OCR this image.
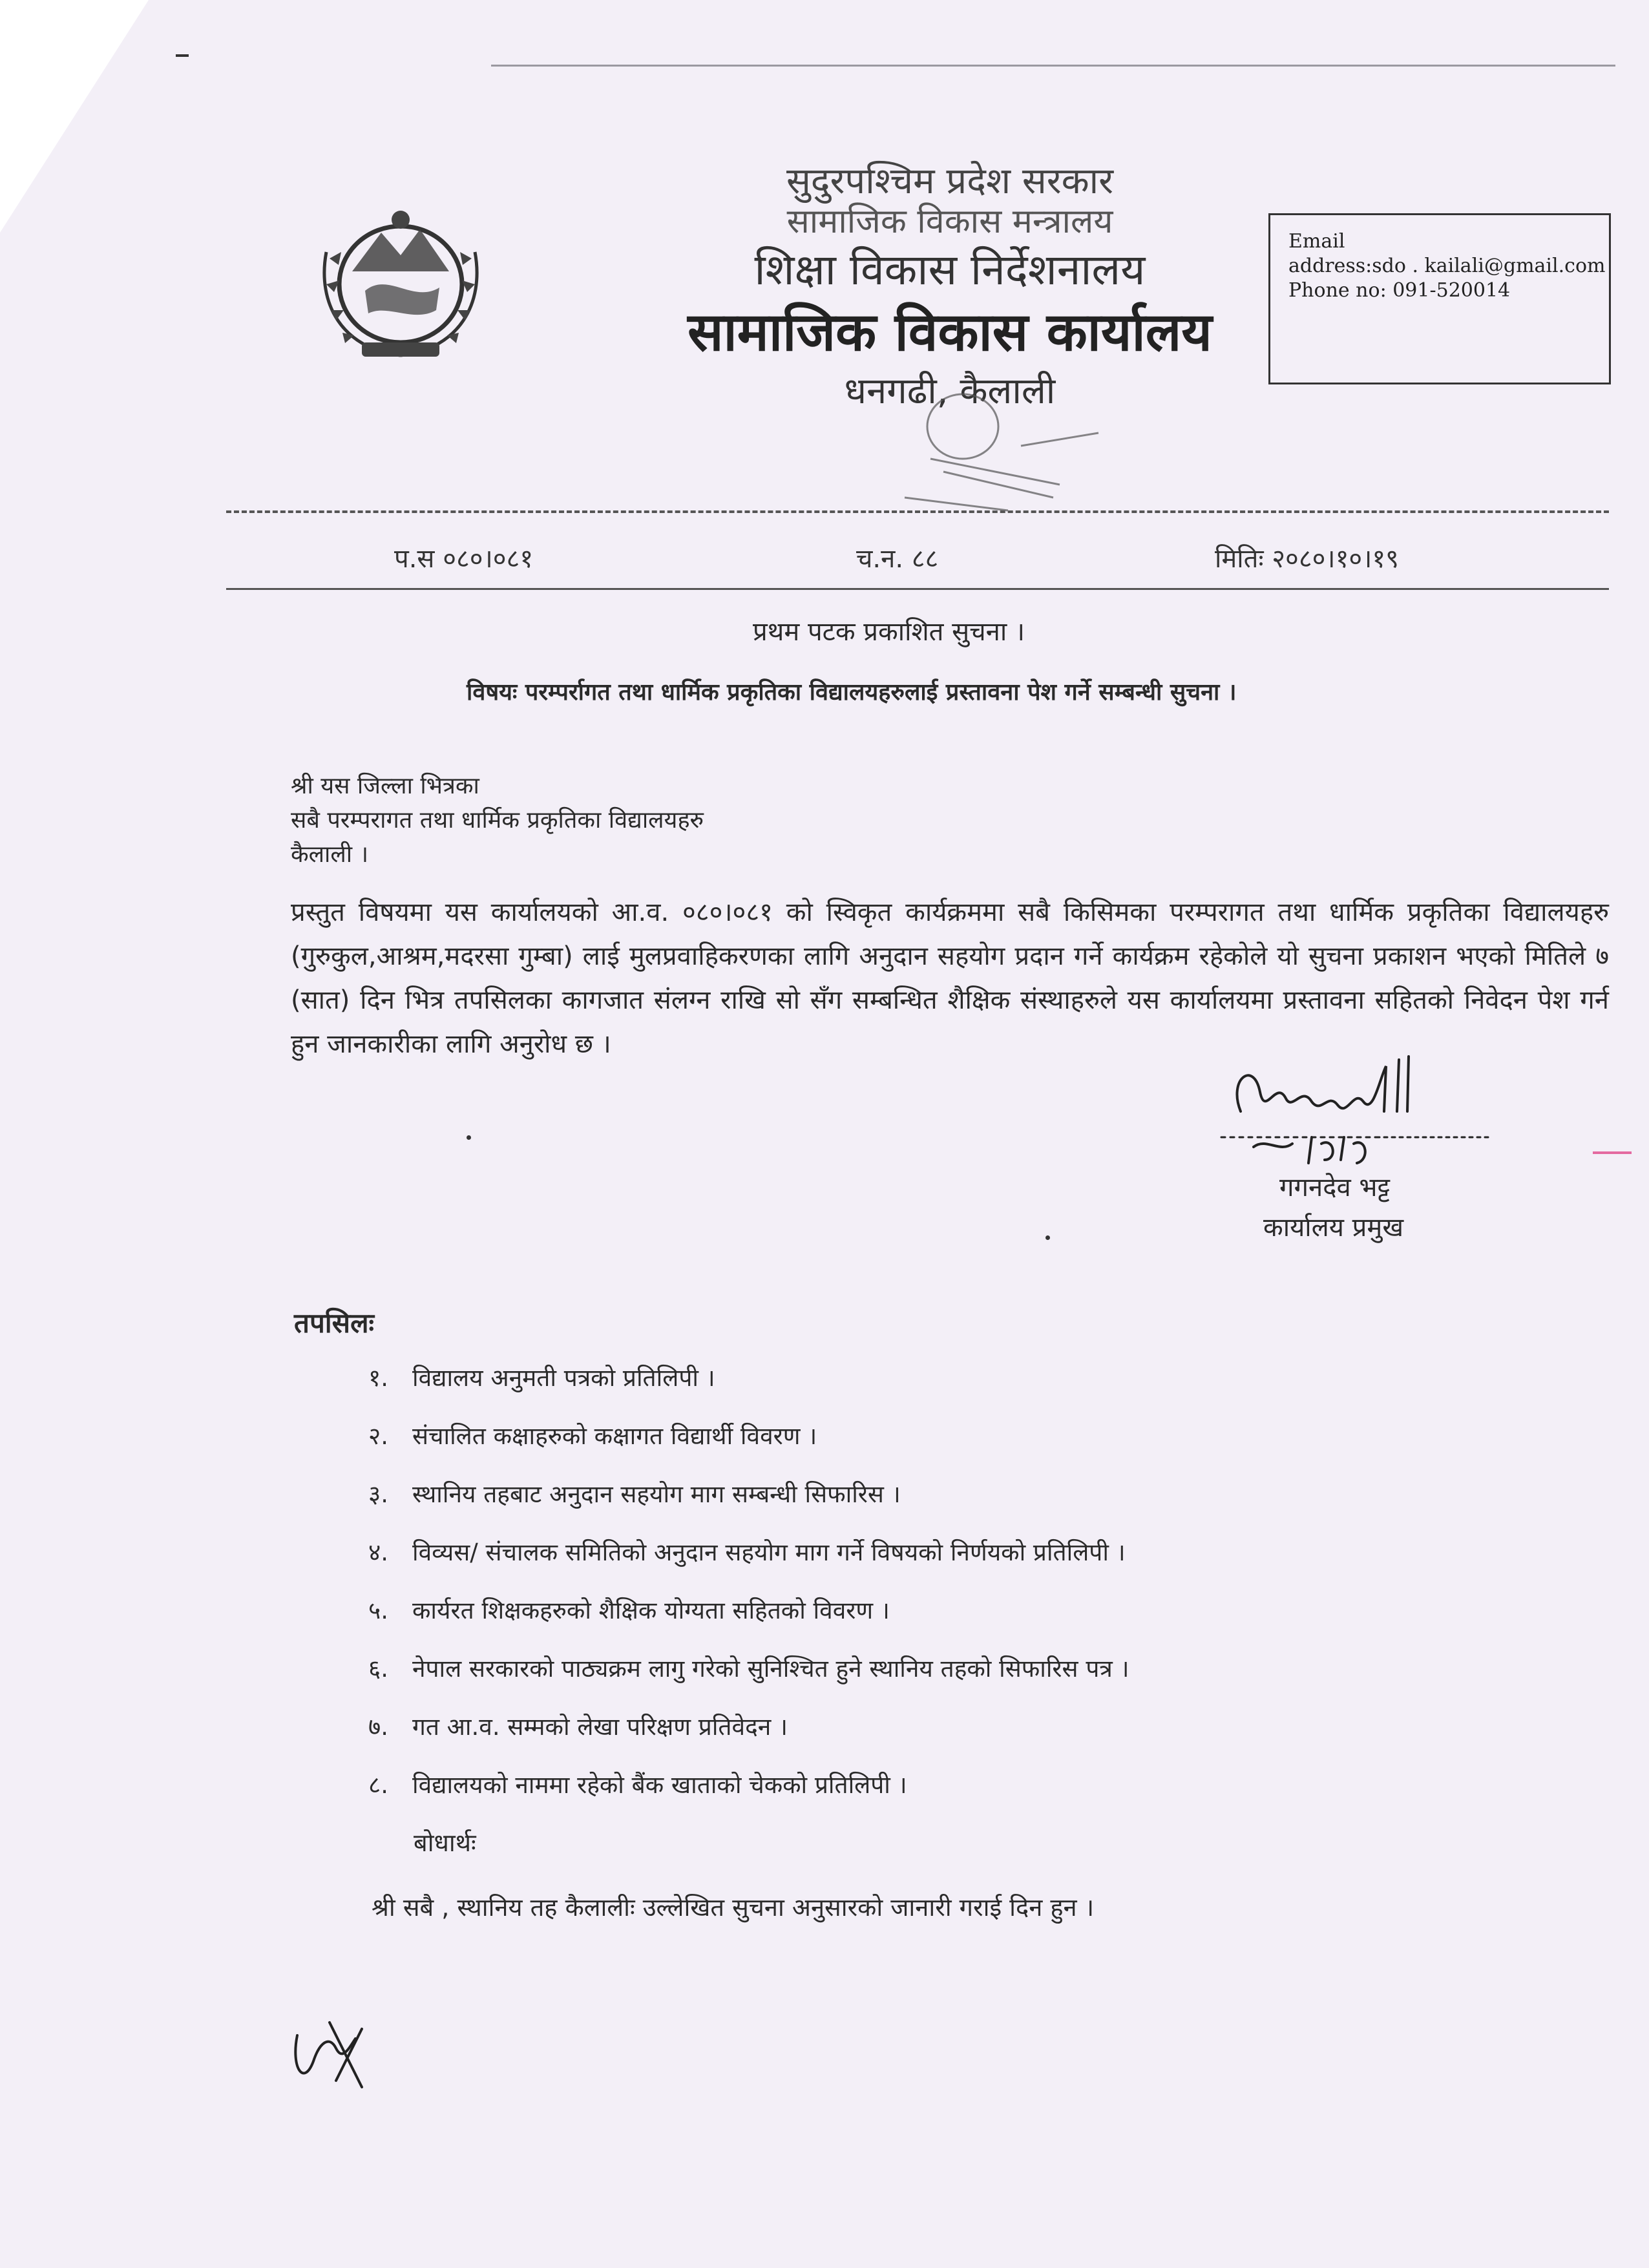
सुदुरपश्चिम प्रदेश सरकार
सामाजिक विकास मन्त्रालय
शिक्षा विकास निर्देशनालय
सामाजिक विकास कार्यालय
धनगढी, कैलाली
Email
address:sdo . kailali@gmail.com
Phone no: 091-520014
प.स ०८०।०८१	च.न. ८८	मितिः २०८०।१०।१९
प्रथम पटक प्रकाशित सुचना ।
विषयः परम्पर्रागत तथा धार्मिक प्रकृतिका विद्यालयहरुलाई प्रस्तावना पेश गर्ने सम्बन्धी सुचना ।
श्री यस जिल्ला भित्रका
सबै परम्परागत तथा धार्मिक प्रकृतिका विद्यालयहरु
कैलाली ।
प्रस्तुत विषयमा यस कार्यालयको आ.व. ०८०।०८१ को स्विकृत कार्यक्रममा सबै किसिमका परम्परागत तथा धार्मिक प्रकृतिका विद्यालयहरु (गुरुकुल,आश्रम,मदरसा गुम्बा) लाई मुलप्रवाहिकरणका लागि अनुदान सहयोग प्रदान गर्ने कार्यक्रम रहेकोले यो सुचना प्रकाशन भएको मितिले ७ (सात) दिन भित्र तपसिलका कागजात संलग्न राखि सो सँग सम्बन्धित शैक्षिक संस्थाहरुले यस कार्यालयमा प्रस्तावना सहितको निवेदन पेश गर्न हुन जानकारीका लागि अनुरोध छ ।
गगनदेव भट्ट
कार्यालय प्रमुख
तपसिलः
१. विद्यालय अनुमती पत्रको प्रतिलिपी ।
२. संचालित कक्षाहरुको कक्षागत विद्यार्थी विवरण ।
३. स्थानिय तहबाट अनुदान सहयोग माग सम्बन्धी सिफारिस ।
४. विव्यस/ संचालक समितिको अनुदान सहयोग माग गर्ने विषयको निर्णयको प्रतिलिपी ।
५. कार्यरत शिक्षकहरुको शैक्षिक योग्यता सहितको विवरण ।
६. नेपाल सरकारको पाठ्यक्रम लागु गरेको सुनिश्चित हुने स्थानिय तहको सिफारिस पत्र ।
७. गत आ.व. सम्मको लेखा परिक्षण प्रतिवेदन ।
८. विद्यालयको नाममा रहेको बैंक खाताको चेकको प्रतिलिपी ।
बोधार्थः
श्री सबै , स्थानिय तह कैलालीः उल्लेखित सुचना अनुसारको जानारी गराई दिन हुन ।
